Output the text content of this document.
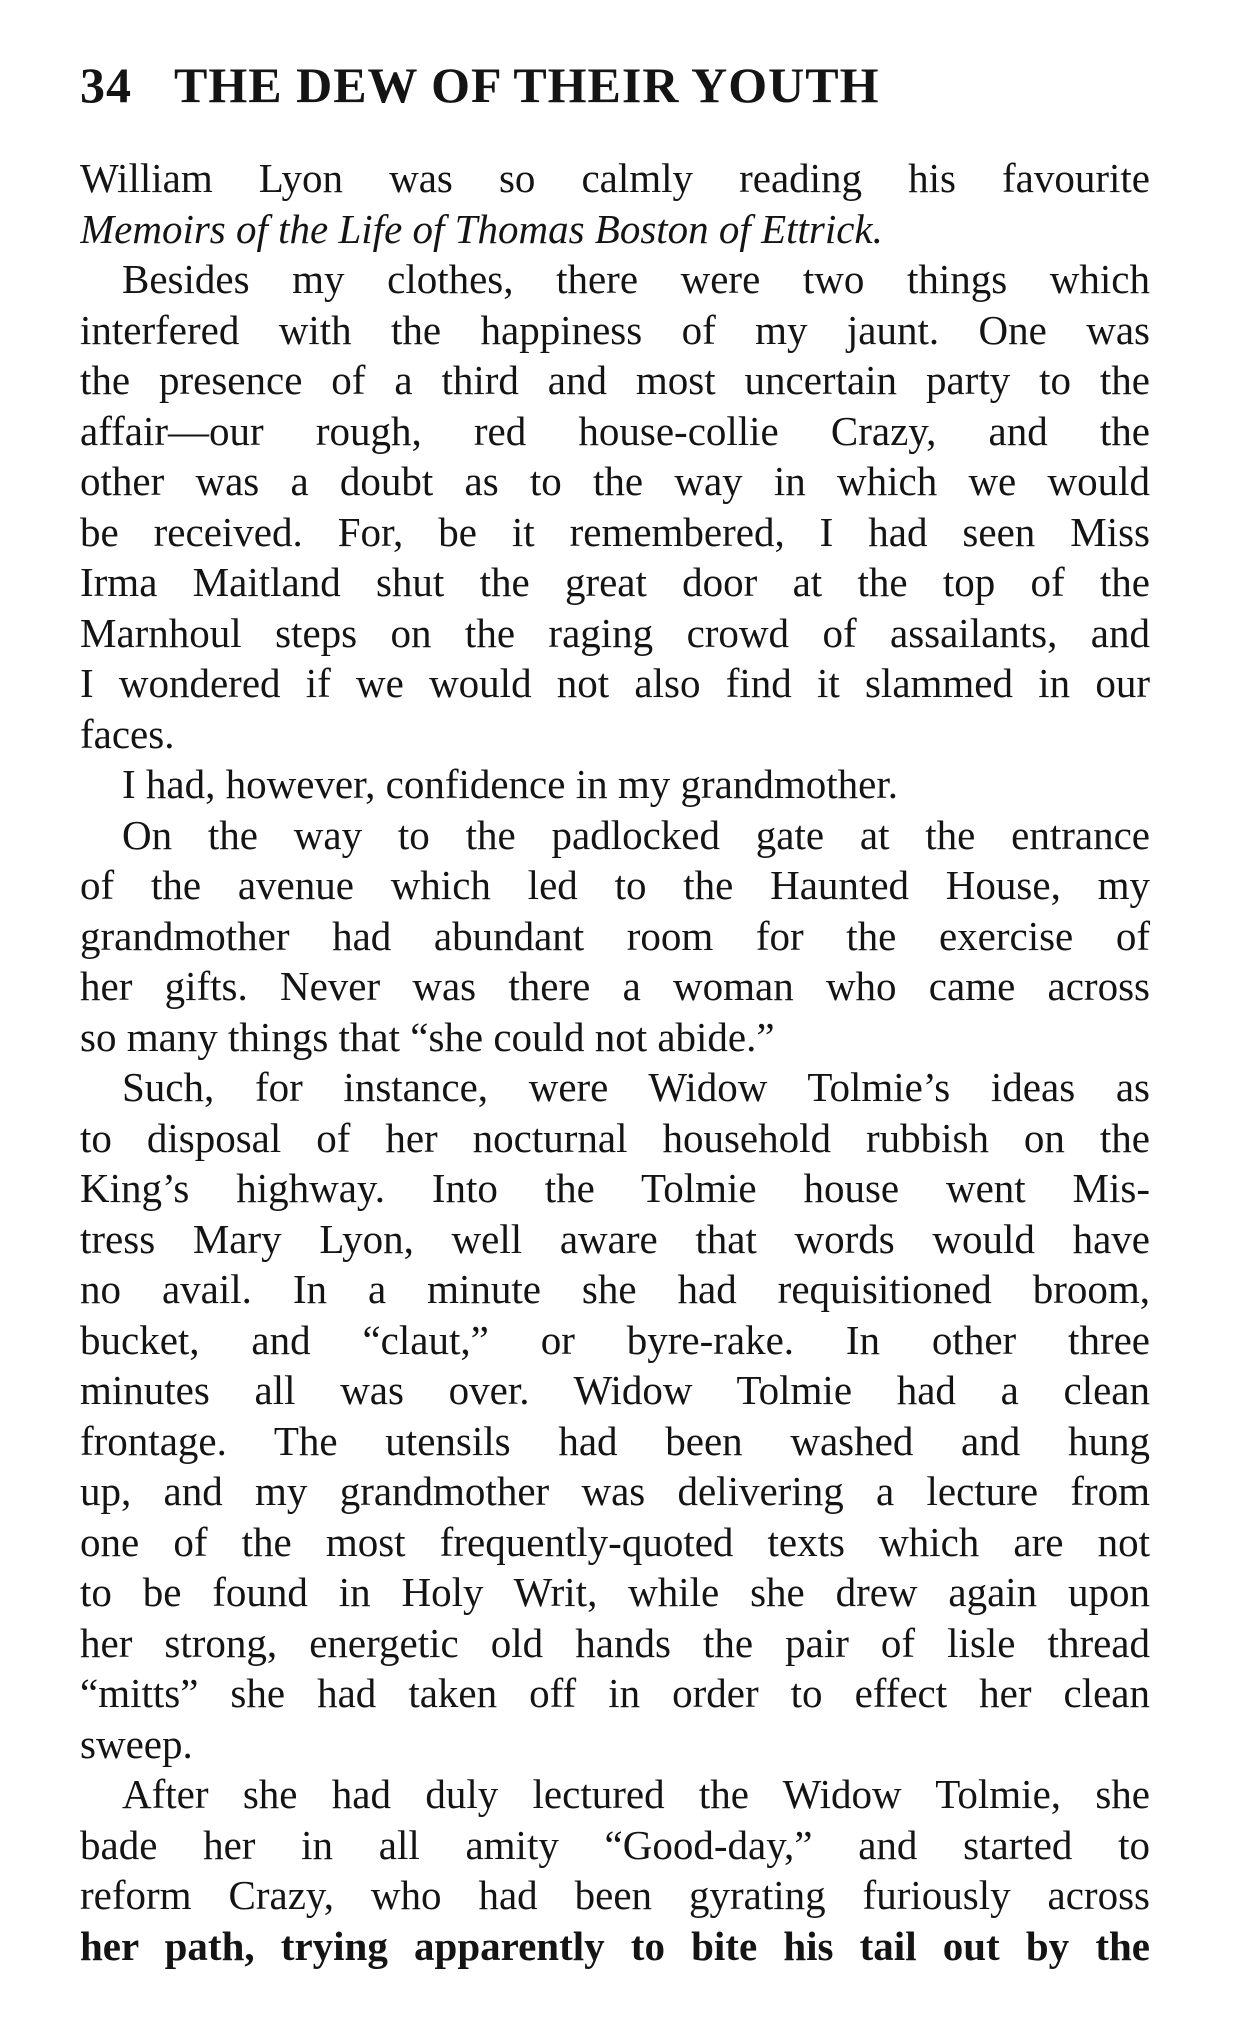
34 THE DEW OF THEIR YOUTH
William Lyon was so calmly reading his favourite
Memoirs of the Life of Thomas Boston of Ettrick.
Besides my clothes, there were two things which
interfered with the happiness of my jaunt. One was
the presence of a third and most uncertain party to the
affair—our rough, red house-collie Crazy, and the
other was a doubt as to the way in which we would
be received. For, be it remembered, I had seen Miss
Irma Maitland shut the great door at the top of the
Marnhoul steps on the raging crowd of assailants, and
I wondered if we would not also find it slammed in our
faces.
I had, however, confidence in my grandmother.
On the way to the padlocked gate at the entrance
of the avenue which led to the Haunted House, my
grandmother had abundant room for the exercise of
her gifts. Never was there a woman who came across
so many things that “she could not abide.”
Such, for instance, were Widow Tolmie’s ideas as
to disposal of her nocturnal household rubbish on the
King’s highway. Into the Tolmie house went Mis-
tress Mary Lyon, well aware that words would have
no avail. In a minute she had requisitioned broom,
bucket, and “claut,” or byre-rake. In other three
minutes all was over. Widow Tolmie had a clean
frontage. The utensils had been washed and hung
up, and my grandmother was delivering a lecture from
one of the most frequently-quoted texts which are not
to be found in Holy Writ, while she drew again upon
her strong, energetic old hands the pair of lisle thread
“mitts” she had taken off in order to effect her clean
sweep.
After she had duly lectured the Widow Tolmie, she
bade her in all amity “Good-day,” and started to
reform Crazy, who had been gyrating furiously across
her path, trying apparently to bite his tail out by the
